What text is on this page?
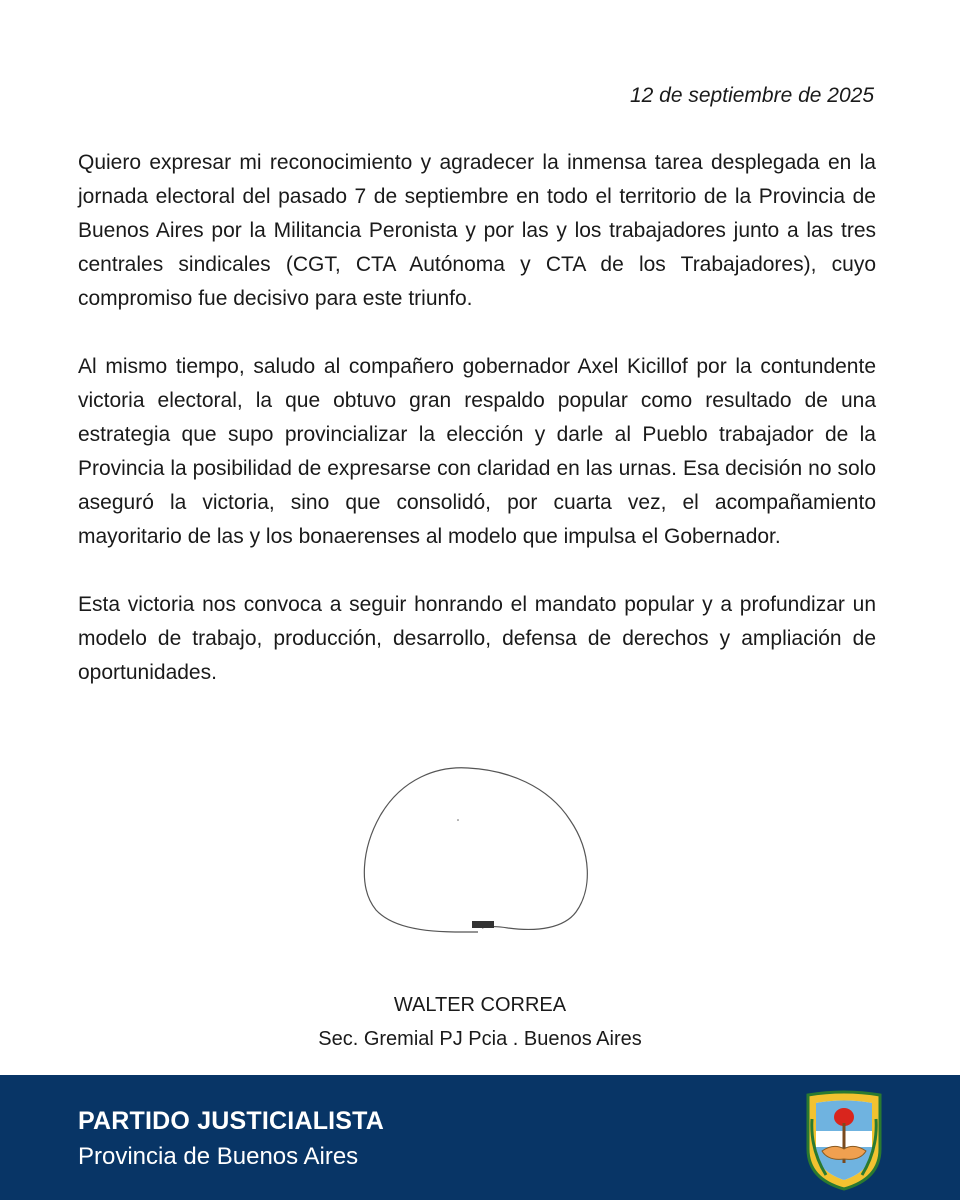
12 de septiembre de 2025

Quiero expresar mi reconocimiento y agradecer la inmensa tarea desplegada en la jornada electoral del pasado 7 de septiembre en todo el territorio de la Provincia de Buenos Aires por la Militancia Peronista y por las y los trabajadores junto a las tres centrales sindicales (CGT, CTA Autónoma y CTA de los Trabajadores), cuyo compromiso fue decisivo para este triunfo.

Al mismo tiempo, saludo al compañero gobernador Axel Kicillof por la contundente victoria electoral, la que obtuvo gran respaldo popular como resultado de una estrategia que supo provincializar la elección y darle al Pueblo trabajador de la Provincia la posibilidad de expresarse con claridad en las urnas. Esa decisión no solo aseguró la victoria, sino que consolidó, por cuarta vez, el acompañamiento mayoritario de las y los bonaerenses al modelo que impulsa el Gobernador.

Esta victoria nos convoca a seguir honrando el mandato popular y a profundizar un modelo de trabajo, producción, desarrollo, defensa de derechos y ampliación de oportunidades.

WALTER CORREA
Sec. Gremial PJ Pcia . Buenos Aires
PARTIDO JUSTICIALISTA
Provincia de Buenos Aires
